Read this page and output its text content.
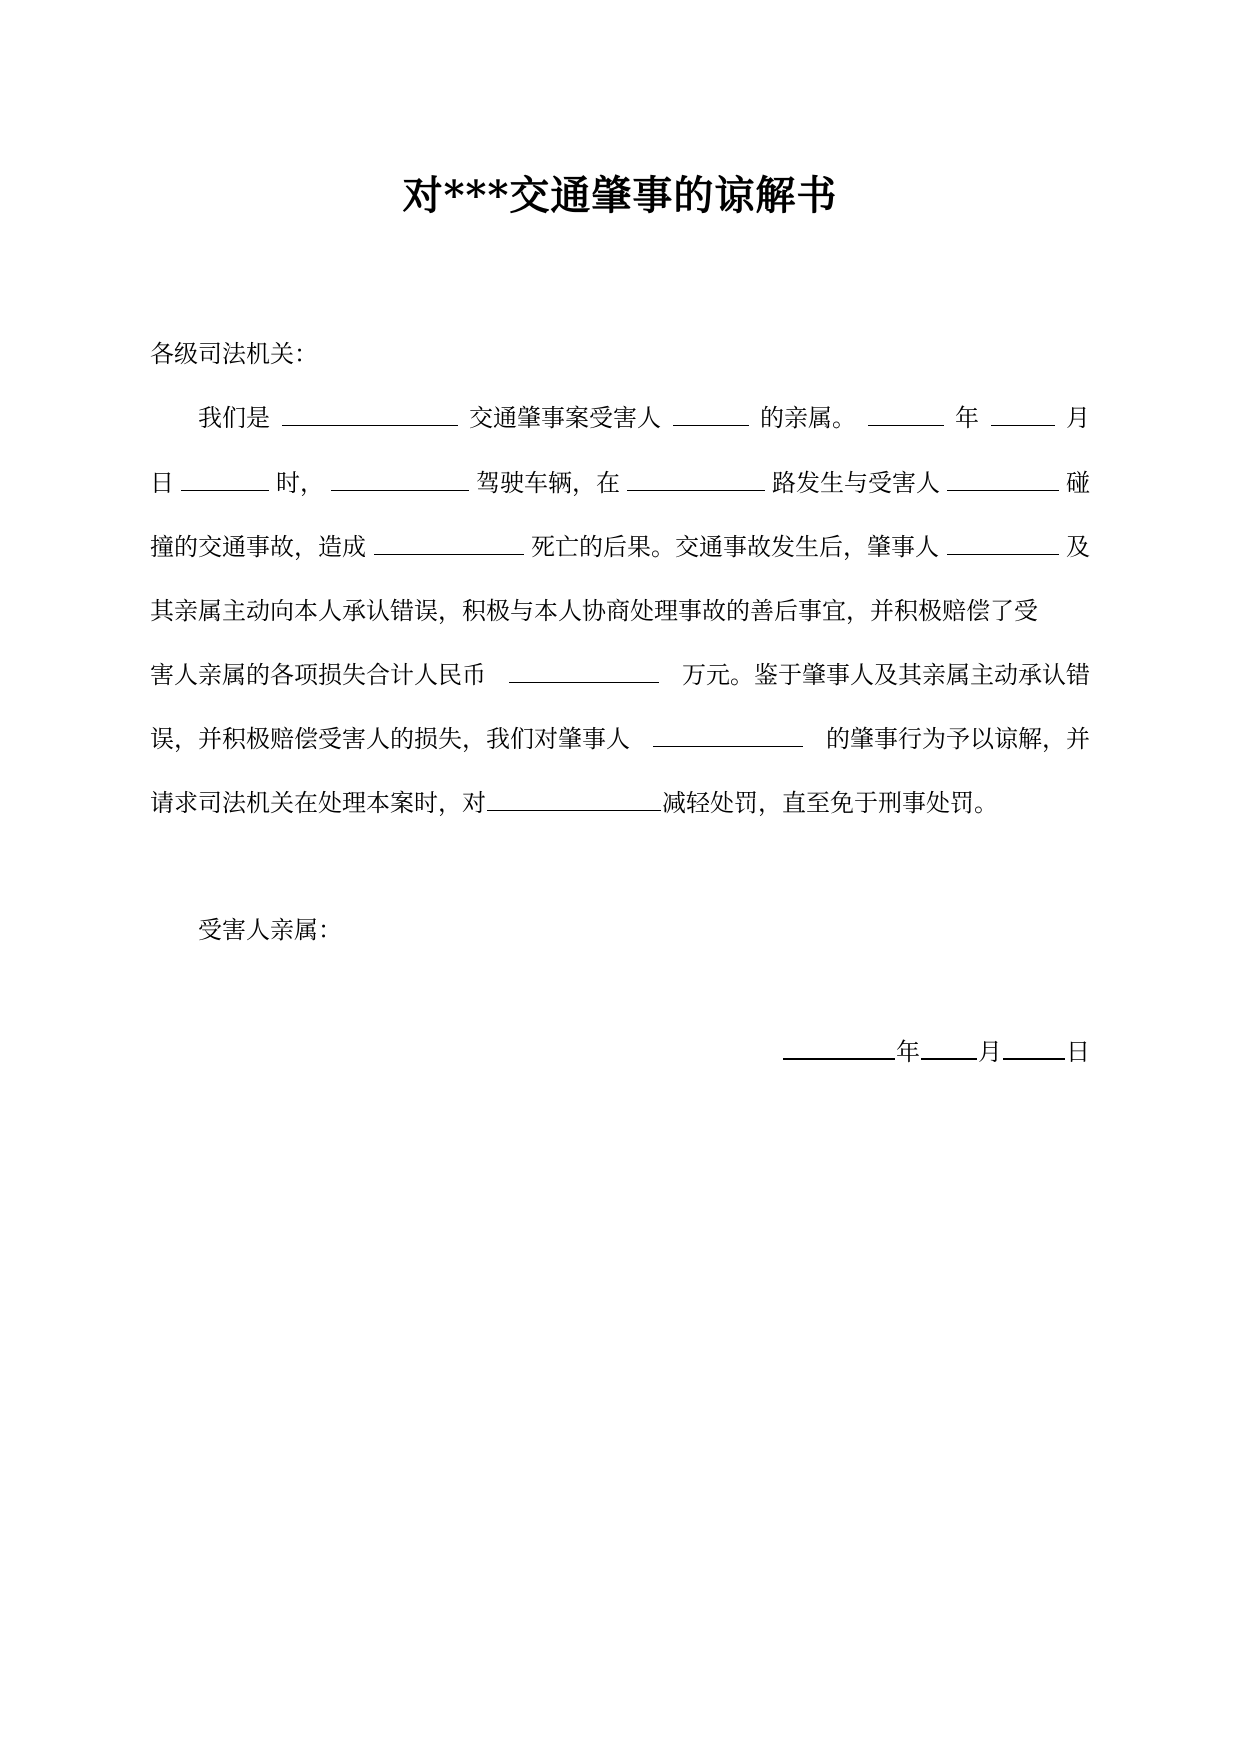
对***交通肇事的谅解书
各级司法机关：
我们是	交通肇事案受害人	的亲属。	年	月
日	时，	驾驶车辆，在	路发生与受害人	碰
撞的交通事故，造成	死亡的后果。交通事故发生后，肇事人	及
其亲属主动向本人承认错误，积极与本人协商处理事故的善后事宜，并积极赔偿了受
害人亲属的各项损失合计人民币	万元。鉴于肇事人及其亲属主动承认错
误，并积极赔偿受害人的损失，我们对肇事人	的肇事行为予以谅解，并
请求司法机关在处理本案时，对	减轻处罚，直至免于刑事处罚。
受害人亲属：
年 月	日
